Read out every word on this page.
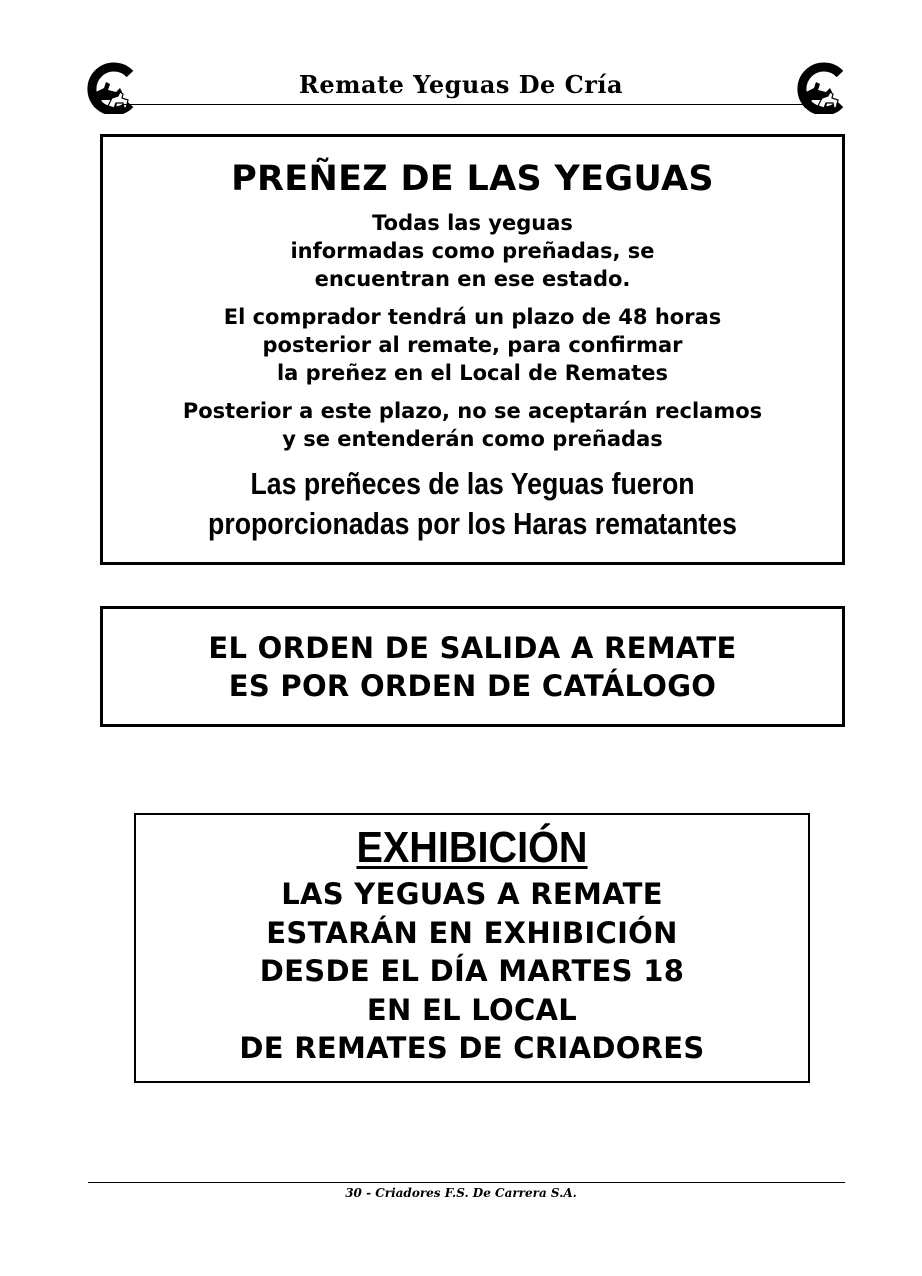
Remate Yeguas De Cría
PREÑEZ DE LAS YEGUAS
Todas las yeguas
informadas como preñadas, se
encuentran en ese estado.
El comprador tendrá un plazo de 48 horas
posterior al remate, para confirmar
la preñez en el Local de Remates
Posterior a este plazo, no se aceptarán reclamos
y se entenderán como preñadas
Las preñeces de las Yeguas fueron
proporcionadas por los Haras rematantes
EL ORDEN DE SALIDA A REMATE
ES POR ORDEN DE CATÁLOGO
EXHIBICIÓN
LAS YEGUAS A REMATE
ESTARÁN EN EXHIBICIÓN
DESDE EL DÍA MARTES 18
EN EL LOCAL
DE REMATES DE CRIADORES
30 - Criadores F.S. De Carrera S.A.
